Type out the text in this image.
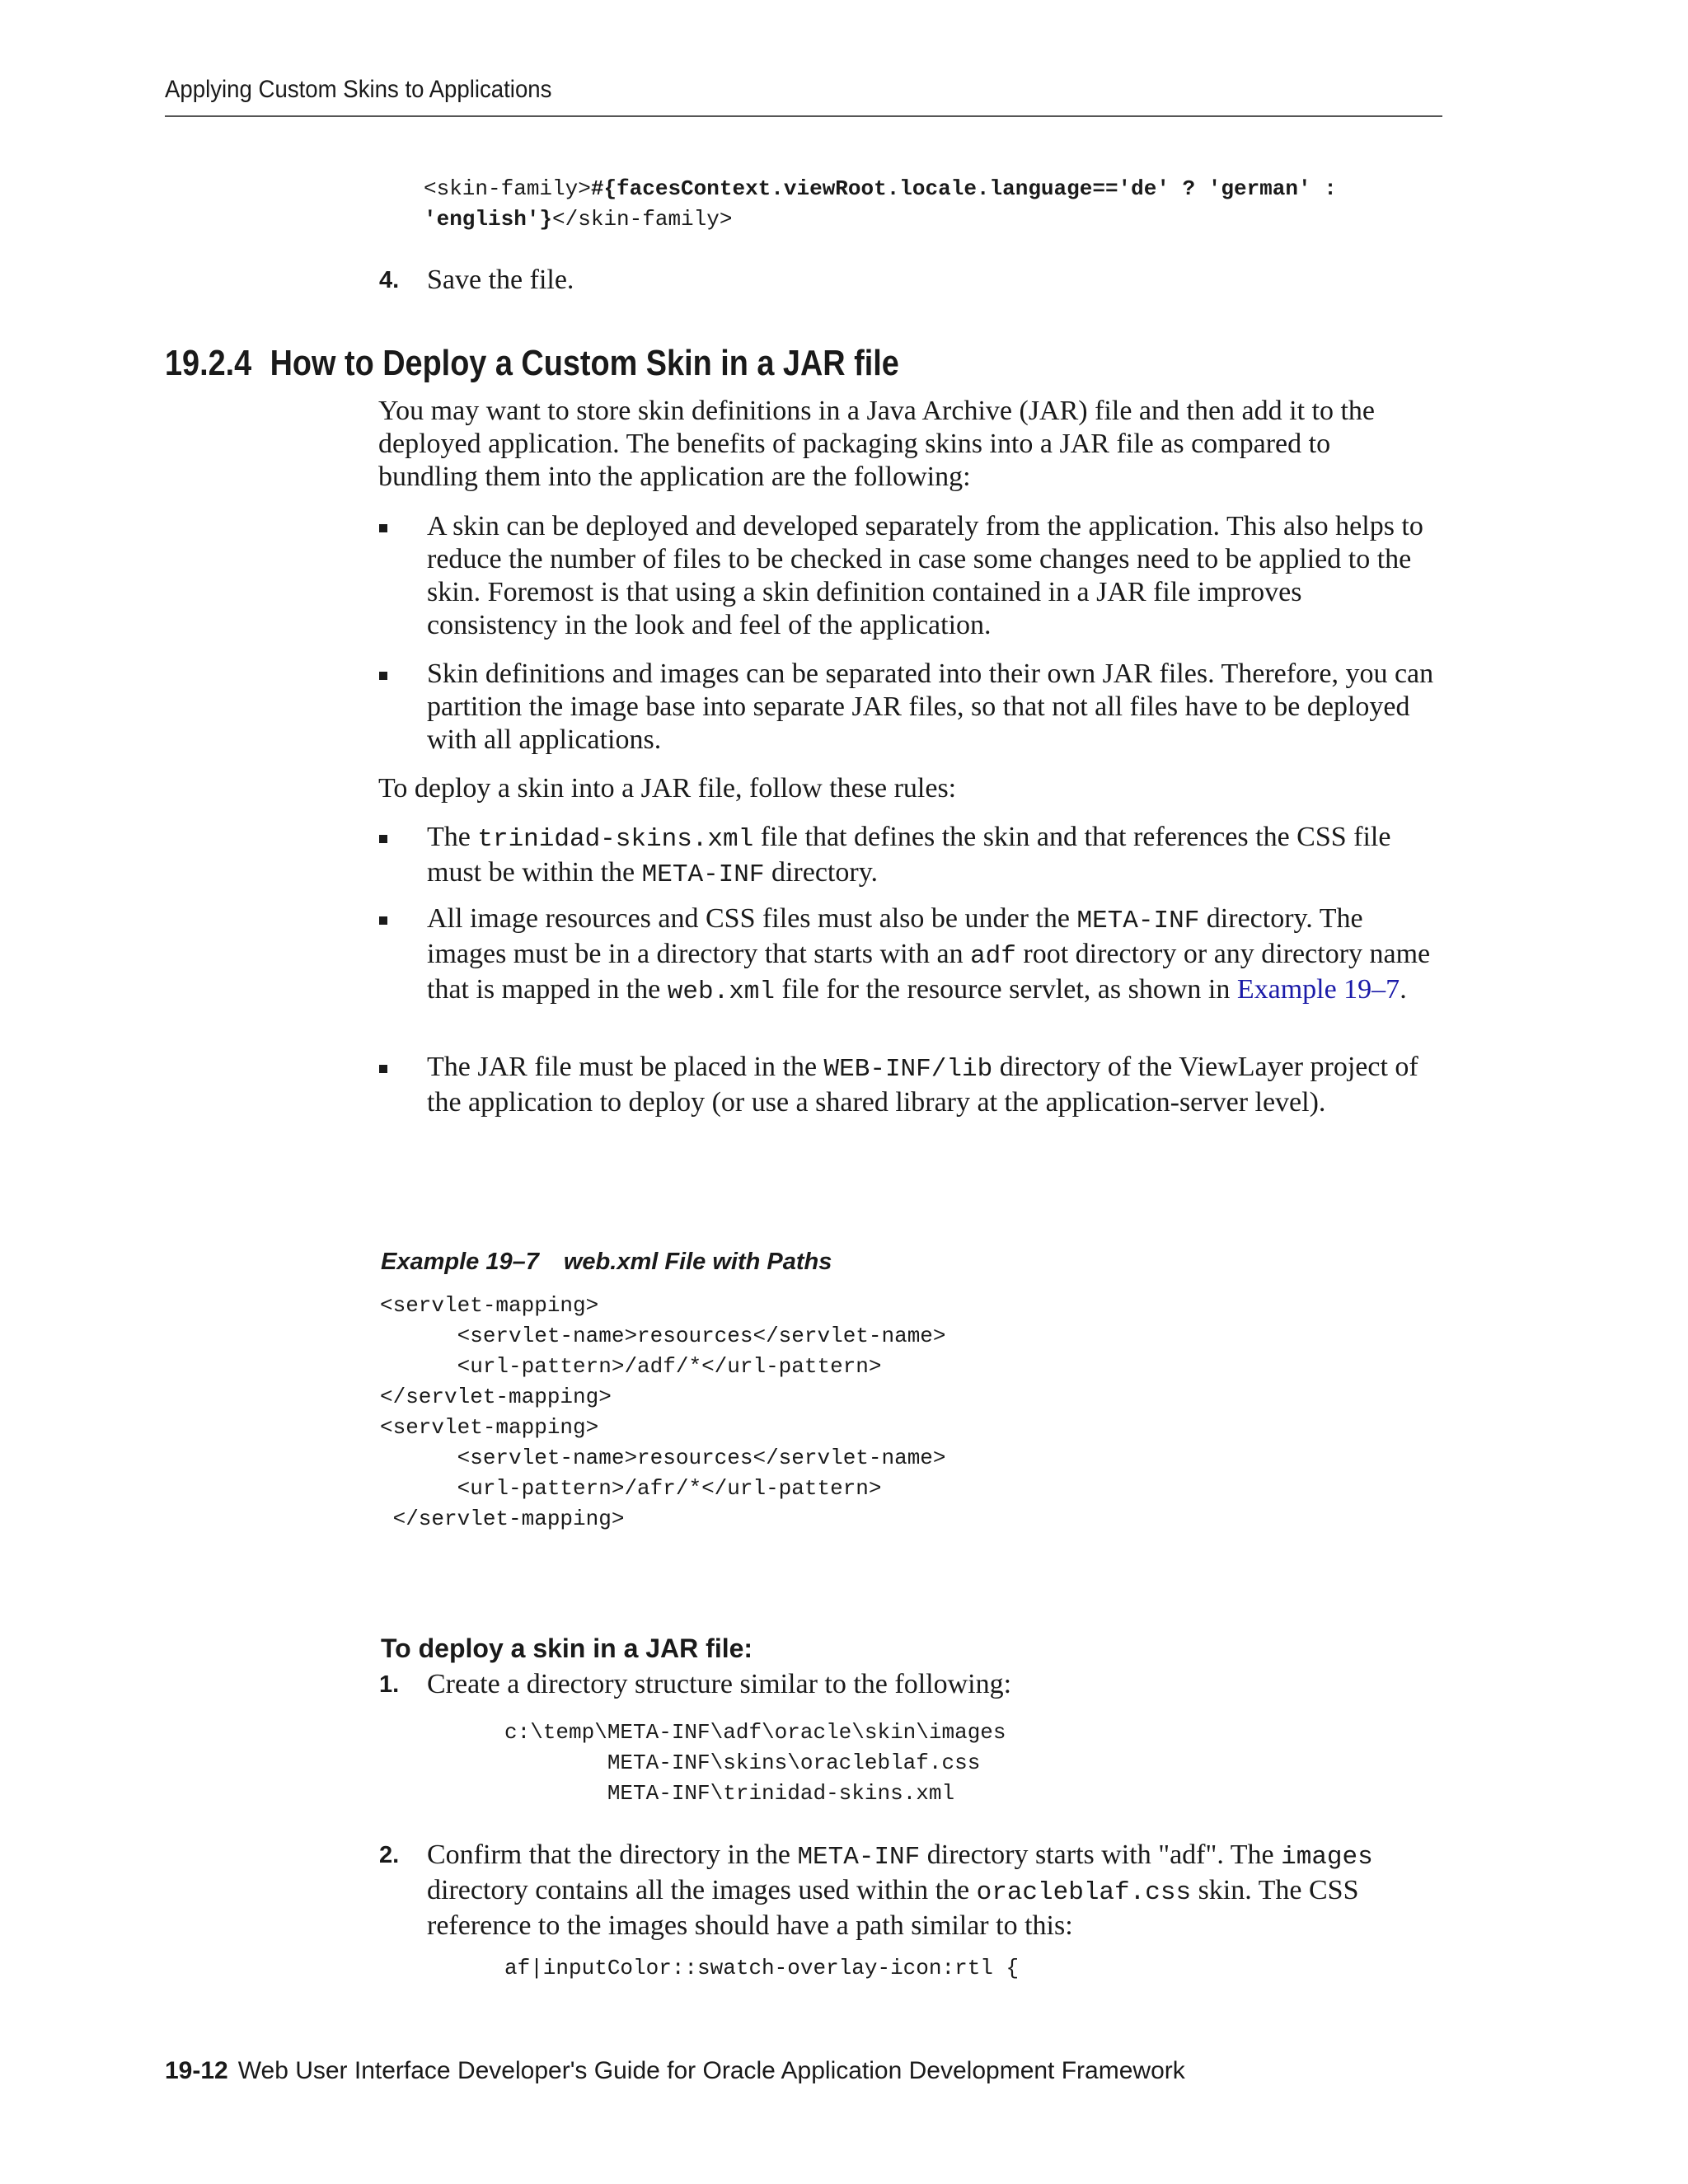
Applying Custom Skins to Applications
<skin-family>#{facesContext.viewRoot.locale.language=='de' ? 'german' :
'english'}</skin-family>
4. Save the file.
19.2.4 How to Deploy a Custom Skin in a JAR file
You may want to store skin definitions in a Java Archive (JAR) file and then add it to the deployed application. The benefits of packaging skins into a JAR file as compared to bundling them into the application are the following:
A skin can be deployed and developed separately from the application. This also helps to reduce the number of files to be checked in case some changes need to be applied to the skin. Foremost is that using a skin definition contained in a JAR file improves consistency in the look and feel of the application.
Skin definitions and images can be separated into their own JAR files. Therefore, you can partition the image base into separate JAR files, so that not all files have to be deployed with all applications.
To deploy a skin into a JAR file, follow these rules:
The trinidad-skins.xml file that defines the skin and that references the CSS file must be within the META-INF directory.
All image resources and CSS files must also be under the META-INF directory. The images must be in a directory that starts with an adf root directory or any directory name that is mapped in the web.xml file for the resource servlet, as shown in Example 19–7.
The JAR file must be placed in the WEB-INF/lib directory of the ViewLayer project of the application to deploy (or use a shared library at the application-server level).
Example 19–7 web.xml File with Paths
<servlet-mapping>
<servlet-name>resources</servlet-name>
<url-pattern>/adf/*</url-pattern>
</servlet-mapping>
<servlet-mapping>
<servlet-name>resources</servlet-name>
<url-pattern>/afr/*</url-pattern>
</servlet-mapping>
To deploy a skin in a JAR file:
1. Create a directory structure similar to the following:
c:\temp\META-INF\adf\oracle\skin\images
META-INF\skins\oracleblaf.css
META-INF\trinidad-skins.xml
2. Confirm that the directory in the META-INF directory starts with "adf". The images directory contains all the images used within the oracleblaf.css skin. The CSS reference to the images should have a path similar to this:
af|inputColor::swatch-overlay-icon:rtl {
19-12 Web User Interface Developer's Guide for Oracle Application Development Framework
